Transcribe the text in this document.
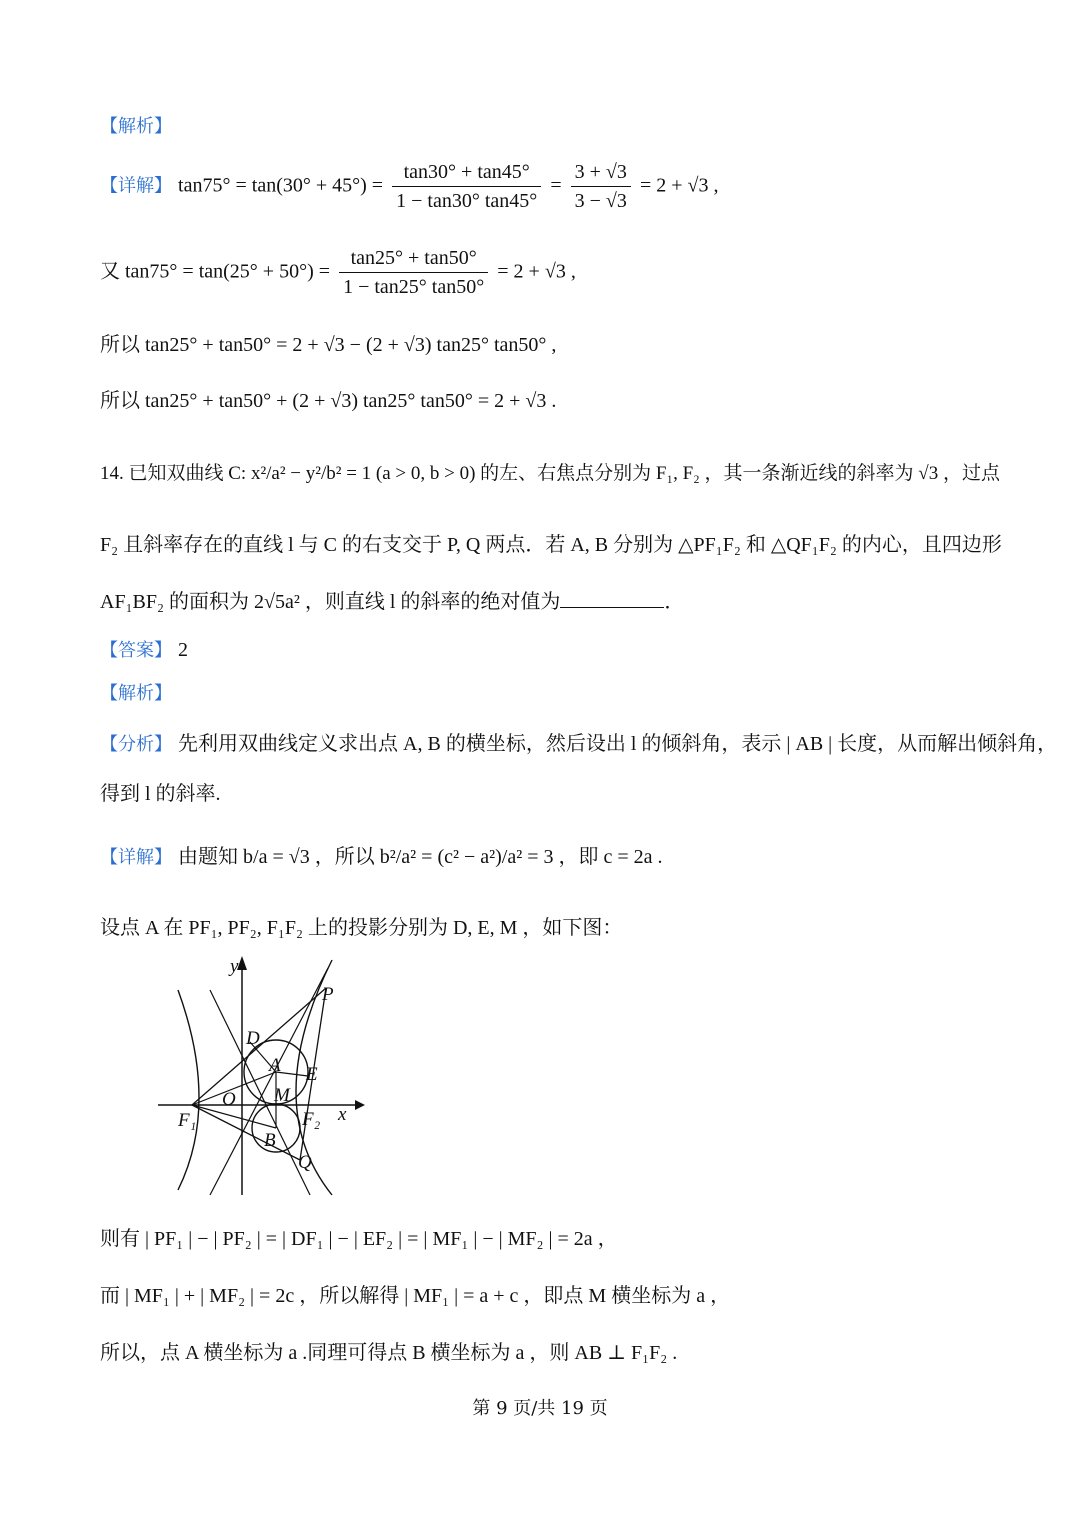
【解析】
【详解】 $\tan 75^\circ = \tan(30^\circ + 45^\circ) = \frac{\tan 30^\circ + \tan 45^\circ}{1 - \tan 30^\circ \tan 45^\circ} = \frac{3 + √3}{3 - √3} = 2 + √3$ ,
又 $\tan 75^\circ = \tan(25^\circ + 50^\circ) = \frac{\tan 25^\circ + \tan 50^\circ}{1 - \tan 25^\circ \tan 50^\circ} = 2 + √3$ ,
所以 tan25° + tan50° = 2 + √3 − (2 + √3) tan25° tan50° ,
所以 tan25° + tan50° + (2 + √3) tan25° tan50° = 2 + √3 .
14. 已知双曲线 C: x²/a² − y²/b² = 1 (a > 0, b > 0) 的左、右焦点分别为 F₁, F₂ ，其一条渐近线的斜率为 √3 ，过点
F₂ 且斜率存在的直线 l 与 C 的右支交于 P, Q 两点．若 A, B 分别为 △PF₁F₂ 和 △QF₁F₂ 的内心，且四边形
AF₁BF₂ 的面积为 2√5a² ，则直线 l 的斜率的绝对值为	．
【答案】 2
【解析】
【分析】 先利用双曲线定义求出点 A, B 的横坐标，然后设出 l 的倾斜角，表示 | AB | 长度，从而解出倾斜角，
得到 l 的斜率.
【详解】 由题知 b/a = √3 ，所以 b²/a² = (c² − a²)/a² = 3 ，即 c = 2a .
设点 A 在 PF₁, PF₂, F₁F₂ 上的投影分别为 D, E, M ，如下图：
y
x
P
D
A E
O M
F₁	F₂
B
Q
则有 | PF₁ | − | PF₂ | = | DF₁ | − | EF₂ | = | MF₁ | − | MF₂ | = 2a ，
而 | MF₁ | + | MF₂ | = 2c ，所以解得 | MF₁ | = a + c ，即点 M 横坐标为 a ，
所以，点 A 横坐标为 a .同理可得点 B 横坐标为 a ，则 AB ⊥ F₁F₂ .
第 9 页/共 19 页
